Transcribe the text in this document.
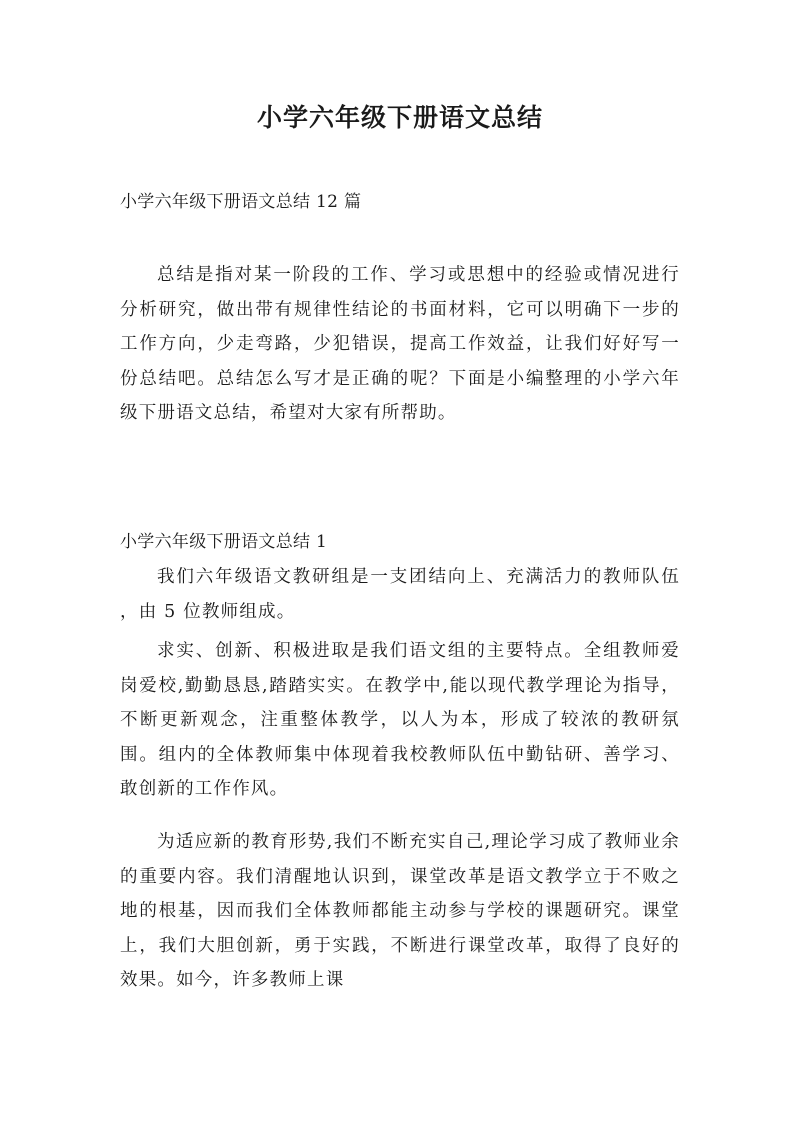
小学六年级下册语文总结
小学六年级下册语文总结 12 篇

总结是指对某一阶段的工作、学习或思想中的经验或情况进行分析研究，做出带有规律性结论的书面材料，它可以明确下一步的工作方向，少走弯路，少犯错误，提高工作效益，让我们好好写一份总结吧。总结怎么写才是正确的呢？下面是小编整理的小学六年级下册语文总结，希望对大家有所帮助。

小学六年级下册语文总结 1

我们六年级语文教研组是一支团结向上、充满活力的教师队伍 ，由 5 位教师组成。

求实、创新、积极进取是我们语文组的主要特点。全组教师爱岗爱校,勤勤恳恳,踏踏实实。在教学中,能以现代教学理论为指导，不断更新观念，注重整体教学，以人为本，形成了较浓的教研氛围。组内的全体教师集中体现着我校教师队伍中勤钻研、善学习、敢创新的工作作风。

为适应新的教育形势,我们不断充实自己,理论学习成了教师业余的重要内容。我们清醒地认识到，课堂改革是语文教学立于不败之地的根基，因而我们全体教师都能主动参与学校的课题研究。课堂上，我们大胆创新，勇于实践，不断进行课堂改革，取得了良好的效果。如今，许多教师上课
